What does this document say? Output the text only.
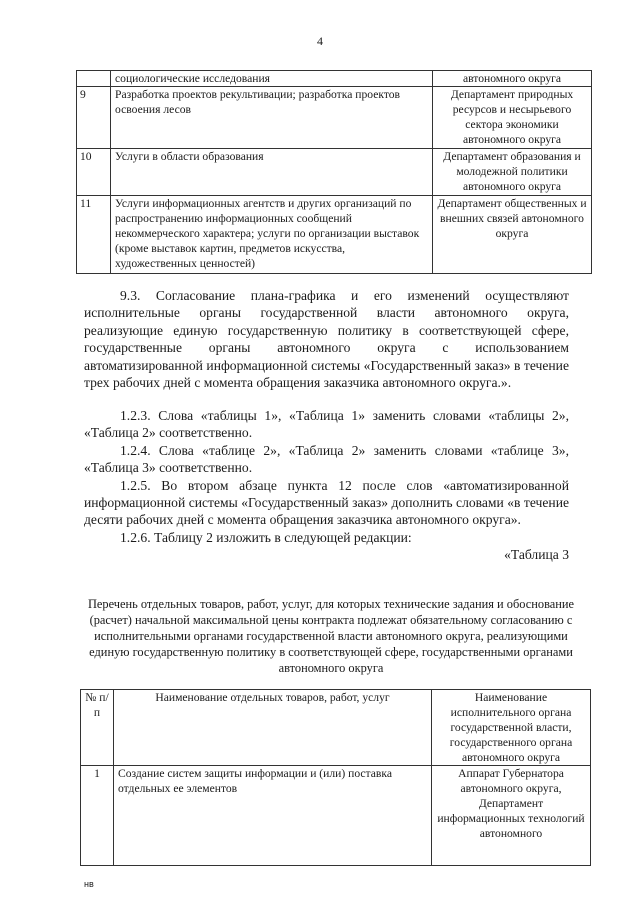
4
	социологические исследования	автономного округа
9	Разработка проектов рекультивации; разработка проектов освоения лесов	Департамент природных ресурсов и несырьевого сектора экономики автономного округа
10	Услуги в области образования	Департамент образования и молодежной политики автономного округа
11	Услуги информационных агентств и других организаций по распространению информационных сообщений некоммерческого характера; услуги по организации выставок (кроме выставок картин, предметов искусства, художественных ценностей)	Департамент общественных и внешних связей автономного округа

9.3. Согласование плана-графика и его изменений осуществляют исполнительные органы государственной власти автономного округа, реализующие единую государственную политику в соответствующей сфере, государственные органы автономного округа с использованием автоматизированной информационной системы «Государственный заказ» в течение трех рабочих дней с момента обращения заказчика автономного округа.».

1.2.3. Слова «таблицы 1», «Таблица 1» заменить словами «таблицы 2», «Таблица 2» соответственно.

1.2.4. Слова «таблице 2», «Таблица 2» заменить словами «таблице 3», «Таблица 3» соответственно.

1.2.5. Во втором абзаце пункта 12 после слов «автоматизированной информационной системы «Государственный заказ» дополнить словами «в течение десяти рабочих дней с момента обращения заказчика автономного округа».

1.2.6. Таблицу 2 изложить в следующей редакции:

«Таблица 3

Перечень отдельных товаров, работ, услуг, для которых технические задания и обоснование (расчет) начальной максимальной цены контракта подлежат обязательному согласованию с исполнительными органами государственной власти автономного округа, реализующими единую государственную политику в соответствующей сфере, государственными органами автономного округа
№ п/п	Наименование отдельных товаров, работ, услуг	Наименование исполнительного органа государственной власти, государственного органа автономного округа
1	Создание систем защиты информации и (или) поставка отдельных ее элементов	Аппарат Губернатора автономного округа, Департамент информационных технологий автономного
нв
